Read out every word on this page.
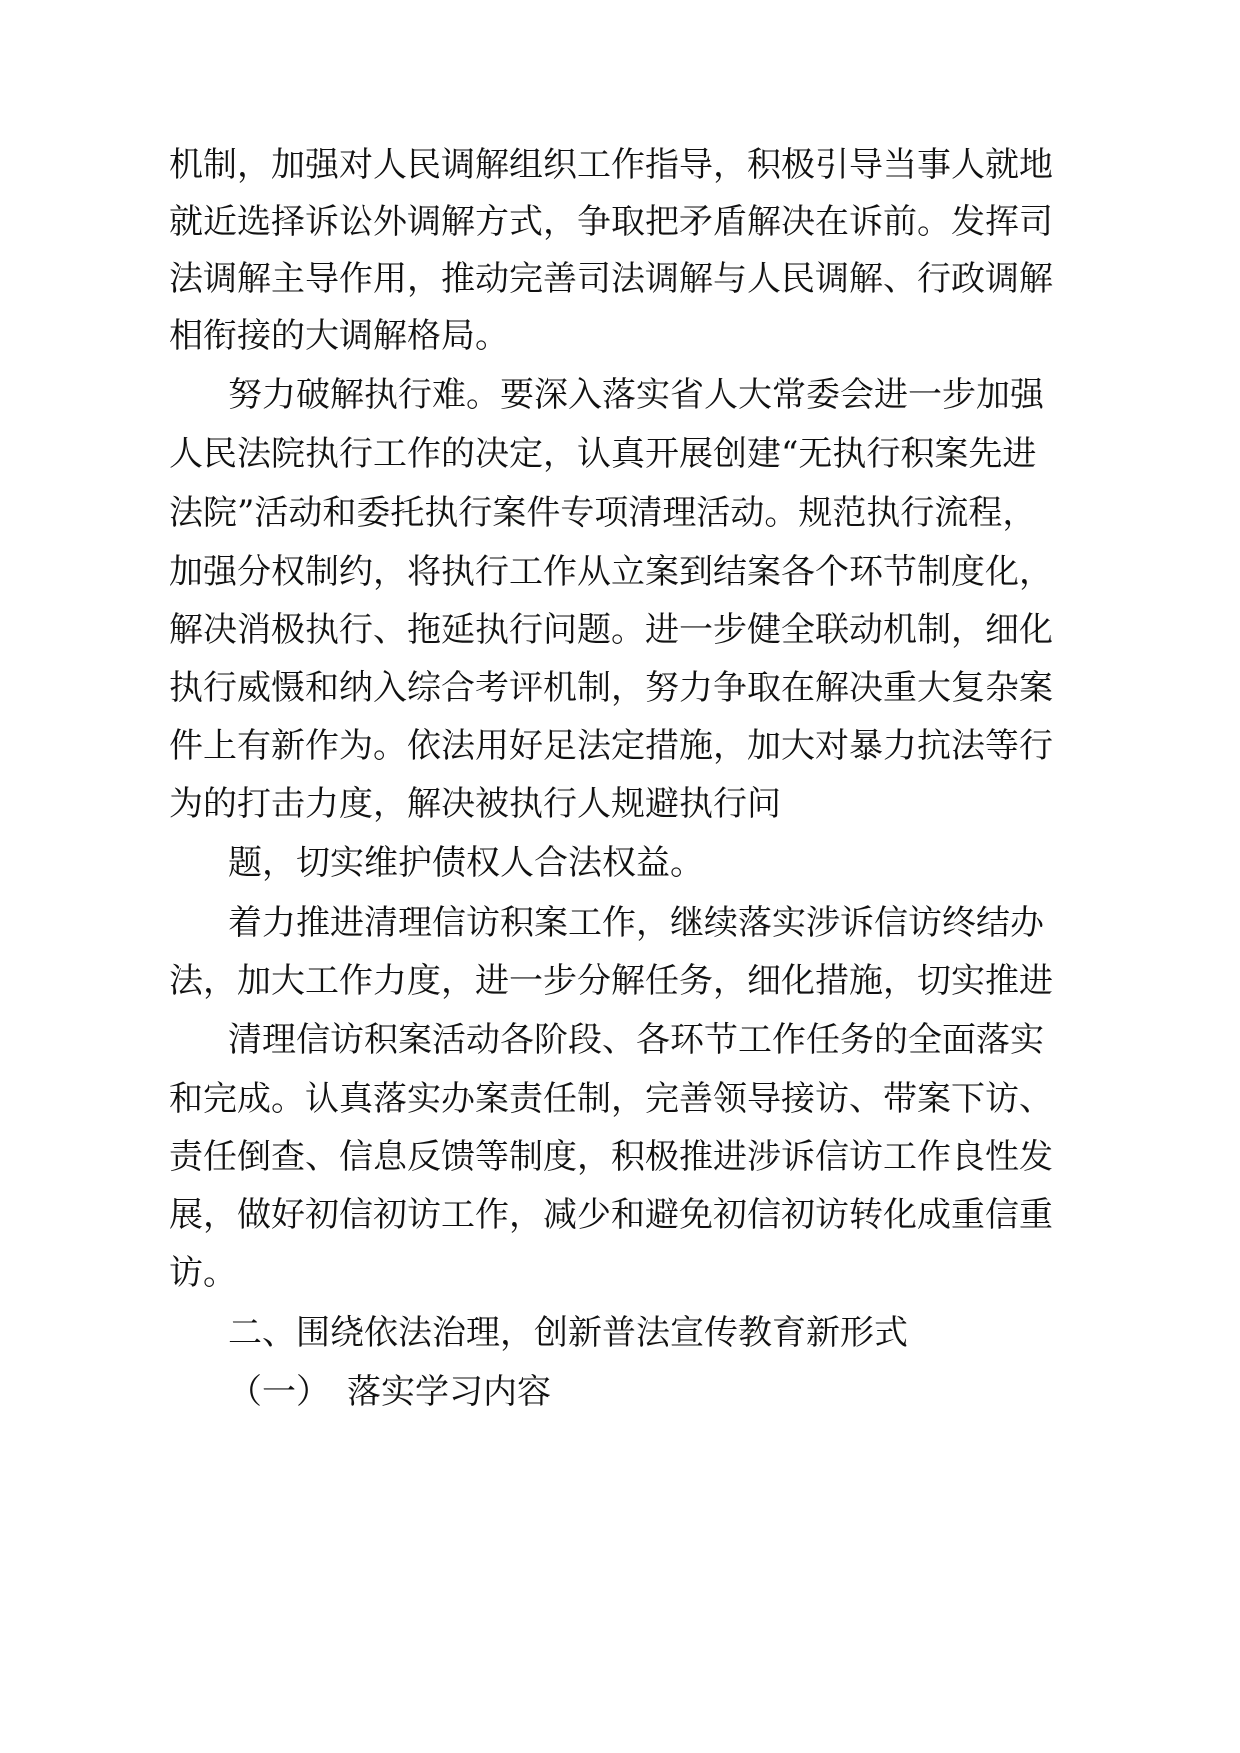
机制，加强对人民调解组织工作指导，积极引导当事人就地

就近选择诉讼外调解方式，争取把矛盾解决在诉前。发挥司

法调解主导作用，推动完善司法调解与人民调解、行政调解

相衔接的大调解格局。

努力破解执行难。要深入落实省人大常委会进一步加强

人民法院执行工作的决定，认真开展创建“无执行积案先进

法院”活动和委托执行案件专项清理活动。规范执行流程，

加强分权制约，将执行工作从立案到结案各个环节制度化，

解决消极执行、拖延执行问题。进一步健全联动机制，细化

执行威慑和纳入综合考评机制，努力争取在解决重大复杂案

件上有新作为。依法用好足法定措施，加大对暴力抗法等行

为的打击力度，解决被执行人规避执行问

题，切实维护债权人合法权益。

着力推进清理信访积案工作，继续落实涉诉信访终结办

法，加大工作力度，进一步分解任务，细化措施，切实推进

清理信访积案活动各阶段、各环节工作任务的全面落实

和完成。认真落实办案责任制，完善领导接访、带案下访、

责任倒查、信息反馈等制度，积极推进涉诉信访工作良性发

展，做好初信初访工作，减少和避免初信初访转化成重信重

访。

二、围绕依法治理，创新普法宣传教育新形式

（一）　落实学习内容
